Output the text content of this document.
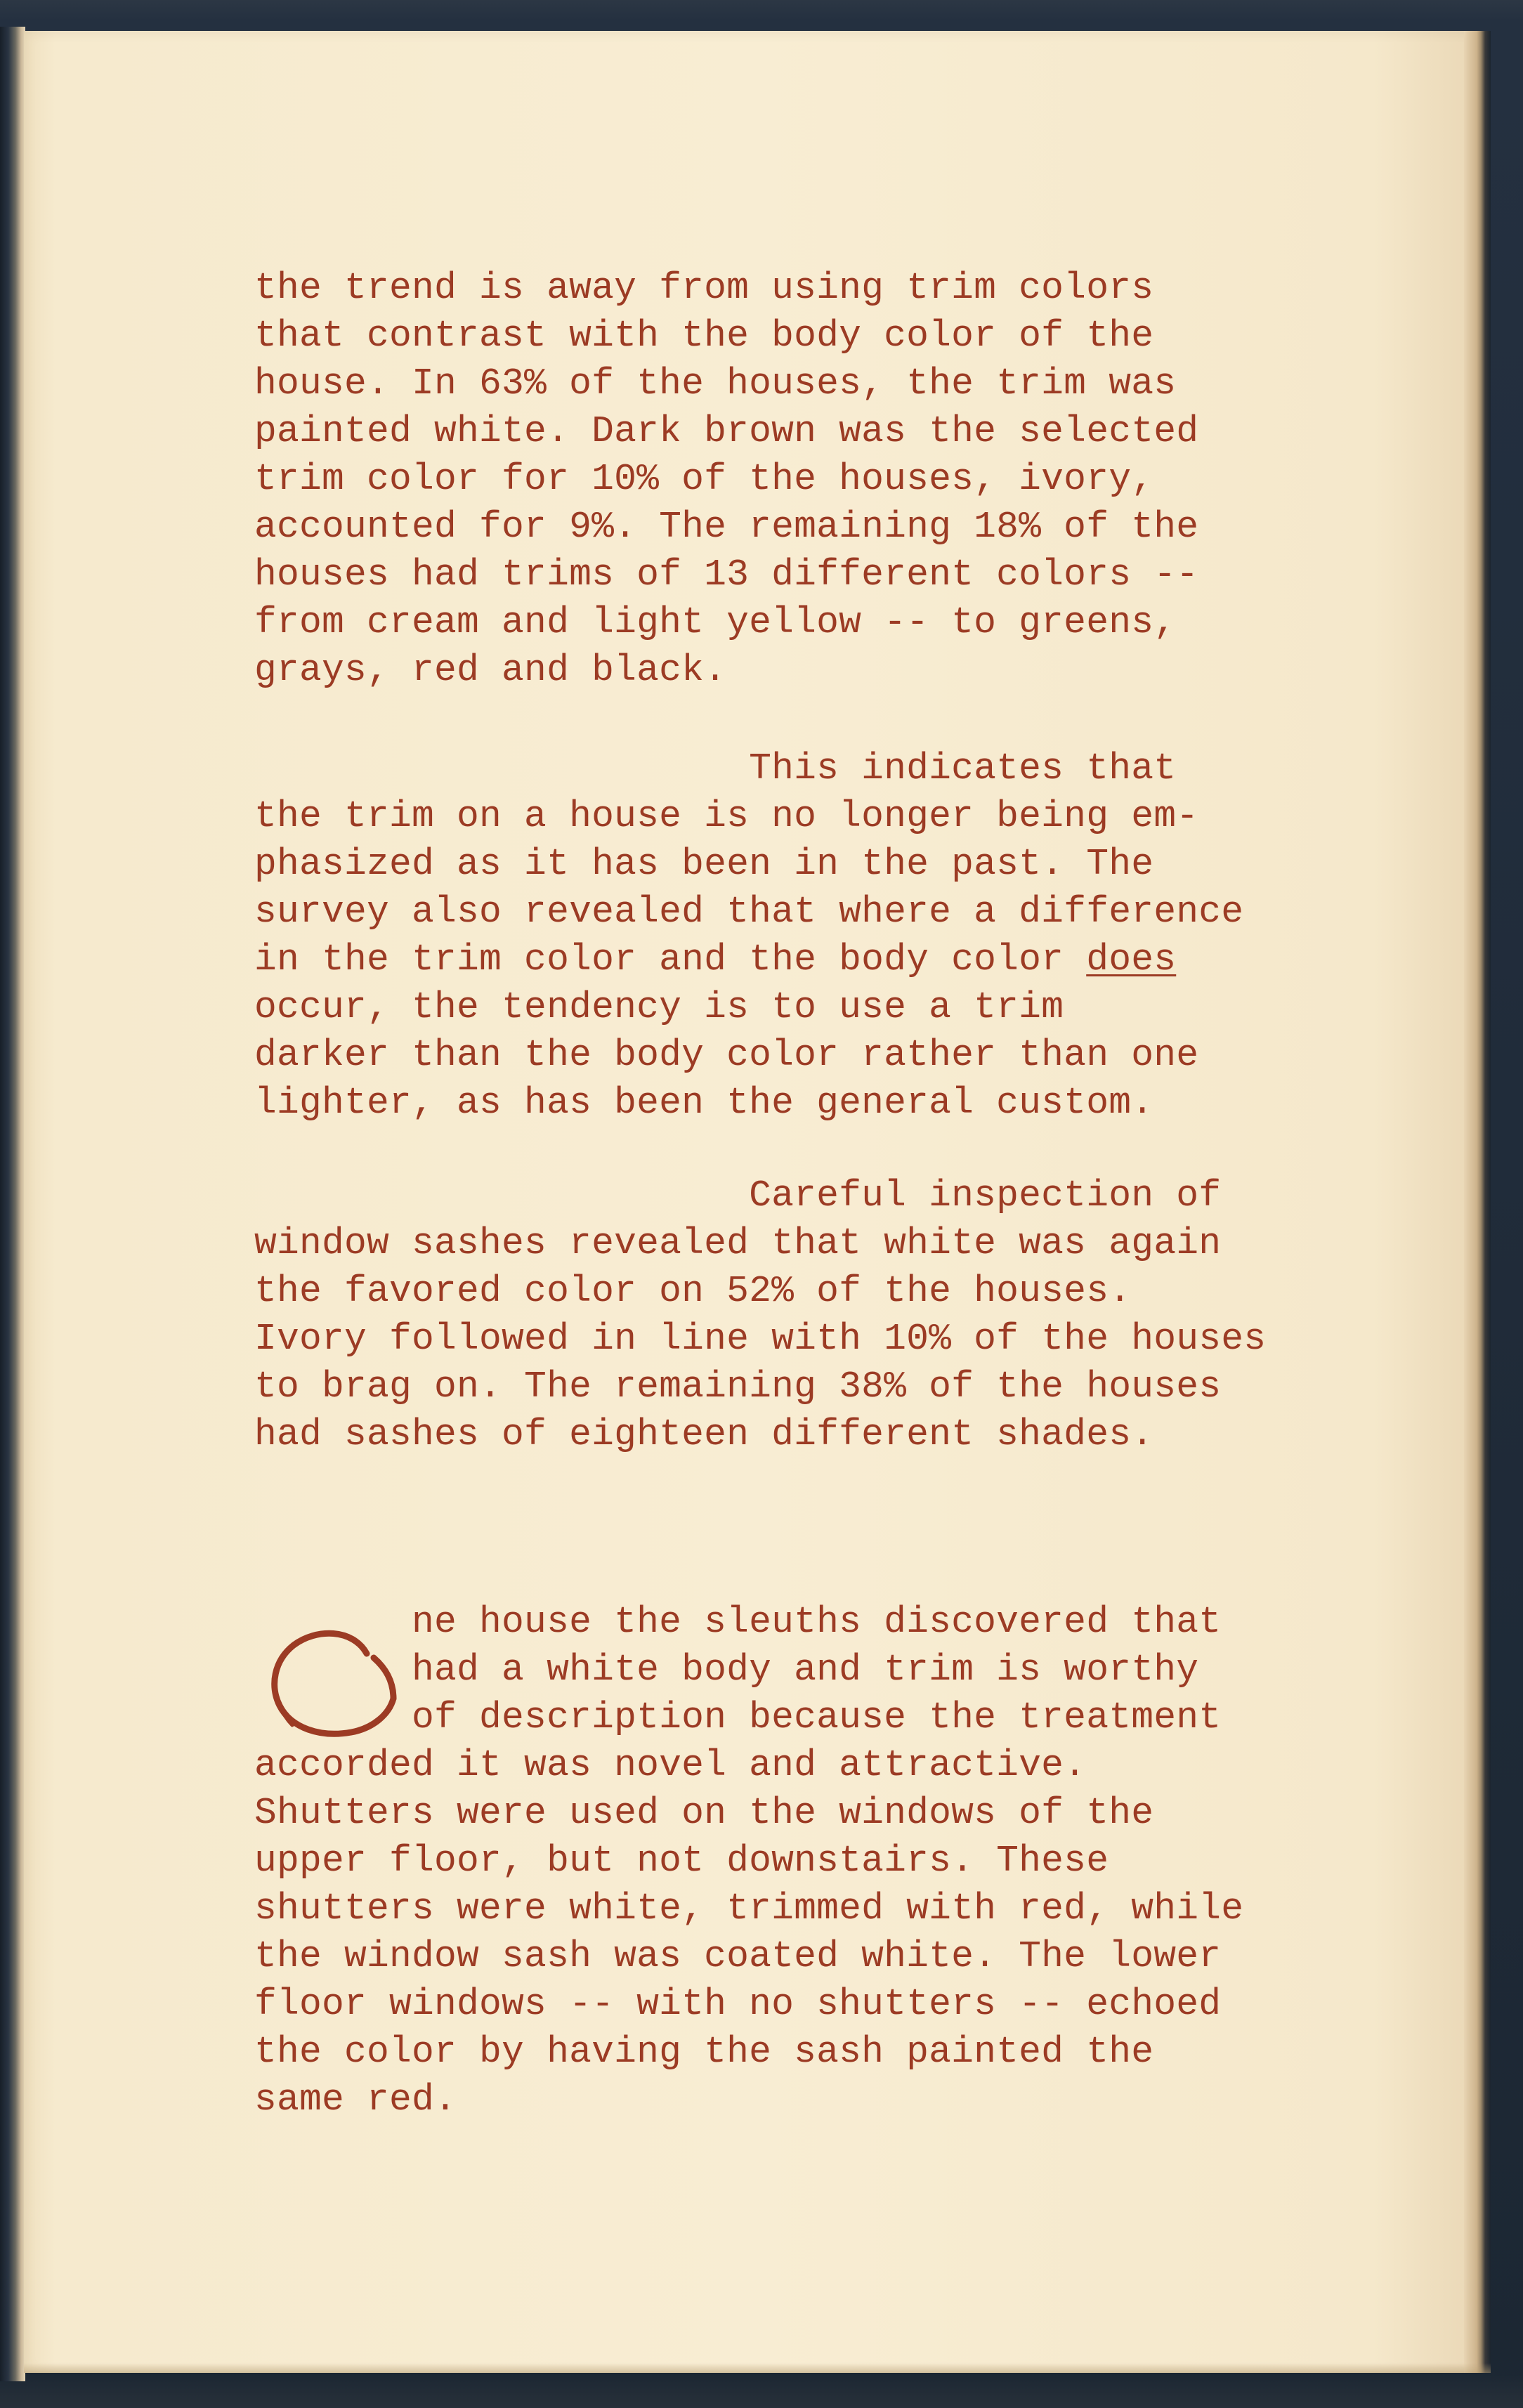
the trend is away from using trim colors
that contrast with the body color of the
house. In 63% of the houses, the trim was
painted white. Dark brown was the selected
trim color for 10% of the houses, ivory,
accounted for 9%. The remaining 18% of the
houses had trims of 13 different colors --
from cream and light yellow -- to greens,
grays, red and black.

This indicates that
the trim on a house is no longer being em-
phasized as it has been in the past. The
survey also revealed that where a difference
in the trim color and the body color does
occur, the tendency is to use a trim
darker than the body color rather than one
lighter, as has been the general custom.

Careful inspection of
window sashes revealed that white was again
the favored color on 52% of the houses.
Ivory followed in line with 10% of the houses
to brag on. The remaining 38% of the houses
had sashes of eighteen different shades.

ne house the sleuths discovered that
had a white body and trim is worthy
of description because the treatment
accorded it was novel and attractive.
Shutters were used on the windows of the
upper floor, but not downstairs. These
shutters were white, trimmed with red, while
the window sash was coated white. The lower
floor windows -- with no shutters -- echoed
the color by having the sash painted the
same red.
